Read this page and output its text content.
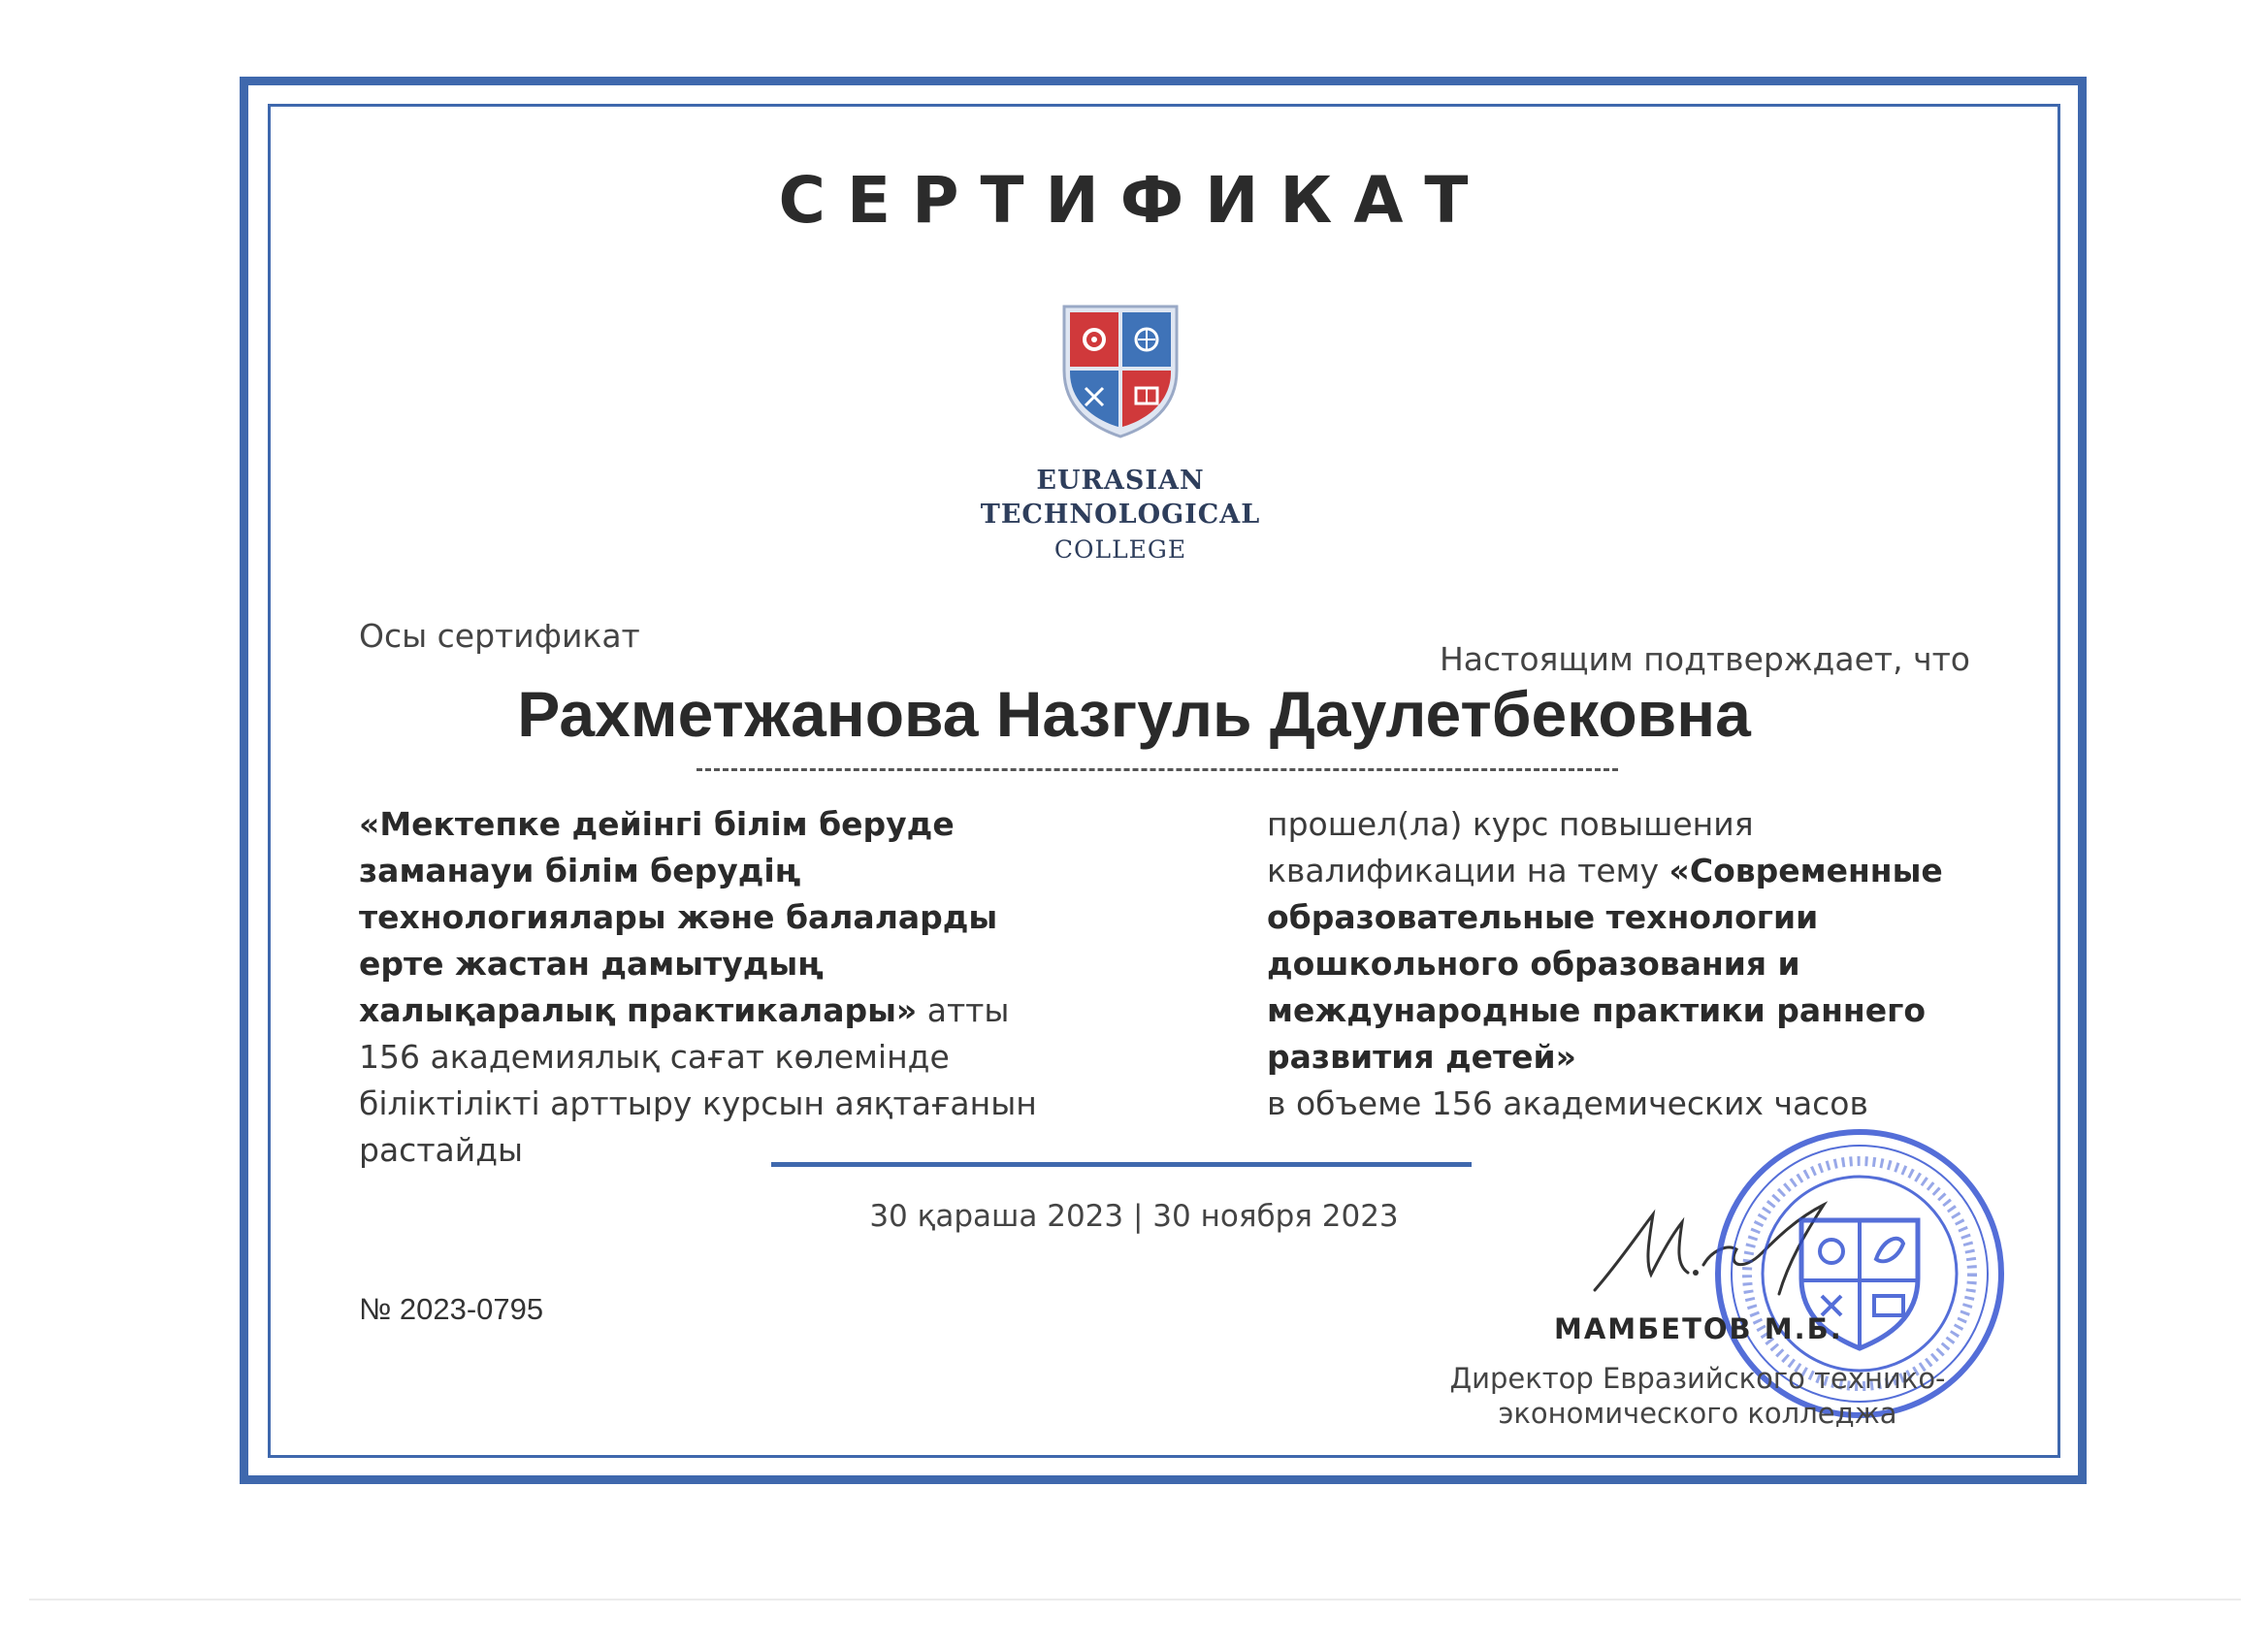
СЕРТИФИКАТ
EURASIAN
TECHNOLOGICAL
COLLEGE
Осы сертификат
Настоящим подтверждает, что
Рахметжанова Назгуль Даулетбековна
«Мектепке дейінгі білім беруде заманауи білім берудің технологиялары және балаларды ерте жастан дамытудың халықаралық практикалары» атты 156 академиялық сағат көлемінде біліктілікті арттыру курсын аяқтағанын растайды
прошел(ла) курс повышения квалификации на тему «Современные образовательные технологии дошкольного образования и международные практики раннего развития детей»
в объеме 156 академических часов
30 қараша 2023 | 30 ноября 2023
№ 2023-0795
МАМБЕТОВ М.Б.
Директор Евразийского технико-
экономического колледжа
